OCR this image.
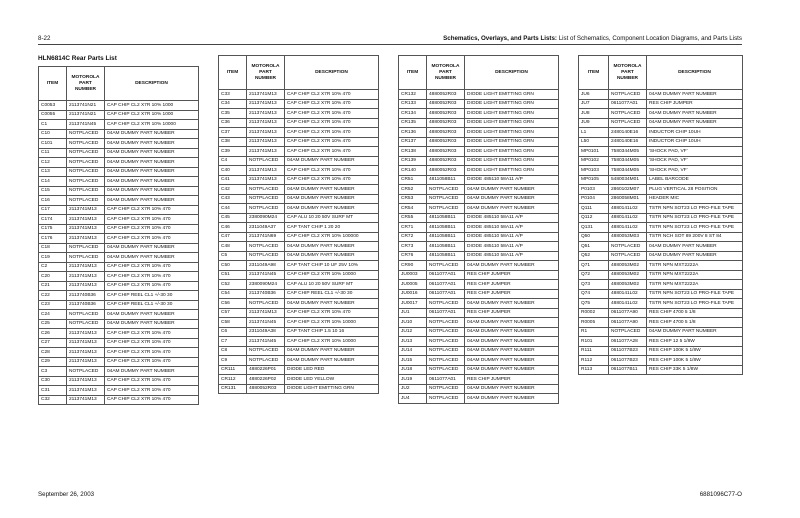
8-22	Schematics, Overlays, and Parts Lists: List of Schematics, Component Location Diagrams, and Parts Lists
HLN6814C Rear Parts List
ITEM	MOTOROLA PART NUMBER	DESCRIPTION
C0053	2113741N21	CAP CHIP CL2 X7R 10% 1000
C0055	2113741N21	CAP CHIP CL2 X7R 10% 1000
C1	2113741N45	CAP CHIP CL2 X7R 10% 10000
C10	NOTPLACED	04AM DUMMY PART NUMBER
C101	NOTPLACED	04AM DUMMY PART NUMBER
C11	NOTPLACED	04AM DUMMY PART NUMBER
C12	NOTPLACED	04AM DUMMY PART NUMBER
C13	NOTPLACED	04AM DUMMY PART NUMBER
C14	NOTPLACED	04AM DUMMY PART NUMBER
C15	NOTPLACED	04AM DUMMY PART NUMBER
C16	NOTPLACED	04AM DUMMY PART NUMBER
C17	2113741M13	CAP CHIP CL2 X7R 10% 470
C174	2113741M13	CAP CHIP CL2 X7R 10% 470
C175	2113741M13	CAP CHIP CL2 X7R 10% 470
C176	2113741M13	CAP CHIP CL2 X7R 10% 470
C18	NOTPLACED	04AM DUMMY PART NUMBER
C19	NOTPLACED	04AM DUMMY PART NUMBER
C2	2113741M13	CAP CHIP CL2 X7R 10% 470
C20	2113741M13	CAP CHIP CL2 X7R 10% 470
C21	2113741M13	CAP CHIP CL2 X7R 10% 470
C22	2113740B36	CAP CHIP REEL CL1 +/-30 30
C23	2113740B36	CAP CHIP REEL CL1 +/-30 30
C24	NOTPLACED	04AM DUMMY PART NUMBER
C25	NOTPLACED	04AM DUMMY PART NUMBER
C26	2113741M13	CAP CHIP CL2 X7R 10% 470
C27	2113741M13	CAP CHIP CL2 X7R 10% 470
C28	2113741M13	CAP CHIP CL2 X7R 10% 470
C29	2113741M13	CAP CHIP CL2 X7R 10% 470
C3	NOTPLACED	04AM DUMMY PART NUMBER
C30	2113741M13	CAP CHIP CL2 X7R 10% 470
C31	2113741M13	CAP CHIP CL2 X7R 10% 470
C32	2113741M13	CAP CHIP CL2 X7R 10% 470
ITEM	MOTOROLA PART NUMBER	DESCRIPTION
C33	2113741M13	CAP CHIP CL2 X7R 10% 470
C34	2113741M13	CAP CHIP CL2 X7R 10% 470
C35	2113741M13	CAP CHIP CL2 X7R 10% 470
C36	2113741M13	CAP CHIP CL2 X7R 10% 470
C37	2113741M13	CAP CHIP CL2 X7R 10% 470
C38	2113741M13	CAP CHIP CL2 X7R 10% 470
C39	2113741M13	CAP CHIP CL2 X7R 10% 470
C4	NOTPLACED	04AM DUMMY PART NUMBER
C40	2113741M13	CAP CHIP CL2 X7R 10% 470
C41	2113741M13	CAP CHIP CL2 X7R 10% 470
C42	NOTPLACED	04AM DUMMY PART NUMBER
C43	NOTPLACED	04AM DUMMY PART NUMBER
C44	NOTPLACED	04AM DUMMY PART NUMBER
C45	2380090M24	CAP ALU 10 20 50V SURF MT
C46	2311049A37	CAP TANT CHIP 1 20 20
C47	2113741N69	CAP CHIP CL2 X7R 10% 100000
C48	NOTPLACED	04AM DUMMY PART NUMBER
C5	NOTPLACED	04AM DUMMY PART NUMBER
C50	2311049A98	CAP TANT CHIP 10 UF 25V 10%
C51	2113741N45	CAP CHIP CL2 X7R 10% 10000
C52	2380090M24	CAP ALU 10 20 50V SURF MT
C54	2113740B36	CAP CHIP REEL CL1 +/-30 30
C56	NOTPLACED	04AM DUMMY PART NUMBER
C57	2113741M13	CAP CHIP CL2 X7R 10% 470
C58	2113741N45	CAP CHIP CL2 X7R 10% 10000
C6	2311049A38	CAP TANT CHIP 1.5 10 16
C7	2113741N45	CAP CHIP CL2 X7R 10% 10000
C8	NOTPLACED	04AM DUMMY PART NUMBER
C9	NOTPLACED	04AM DUMMY PART NUMBER
CR111	4880226P01	DIODE LED RED
CR112	4880226P02	DIODE LED YELLOW
CR131	4880052R03	DIODE LIGHT EMITTING GRN
ITEM	MOTOROLA PART NUMBER	DESCRIPTION
CR132	4880052R03	DIODE LIGHT EMITTING GRN
CR133	4880052R03	DIODE LIGHT EMITTING GRN
CR134	4880052R03	DIODE LIGHT EMITTING GRN
CR135	4880052R03	DIODE LIGHT EMITTING GRN
CR136	4880052R03	DIODE LIGHT EMITTING GRN
CR137	4880052R03	DIODE LIGHT EMITTING GRN
CR138	4880052R03	DIODE LIGHT EMITTING GRN
CR139	4880052R03	DIODE LIGHT EMITTING GRN
CR140	4880052R03	DIODE LIGHT EMITTING GRN
CR51	4811058B11	DIODE 485110 58A11 A/P
CR52	NOTPLACED	04AM DUMMY PART NUMBER
CR53	NOTPLACED	04AM DUMMY PART NUMBER
CR54	NOTPLACED	04AM DUMMY PART NUMBER
CR55	4811058B11	DIODE 485110 58A11 A/P
CR71	4811058B11	DIODE 485110 58A11 A/P
CR72	4811058B11	DIODE 485110 58A11 A/P
CR73	4811058B11	DIODE 485110 58A11 A/P
CR76	4811058B11	DIODE 485110 58A11 A/P
CR90	NOTPLACED	04AM DUMMY PART NUMBER
JU0003	0611077A01	RES CHIP JUMPER
JU0005	0611077A01	RES CHIP JUMPER
JU0016	0611077A01	RES CHIP JUMPER
JU0017	NOTPLACED	04AM DUMMY PART NUMBER
JU1	0611077A01	RES CHIP JUMPER
JU10	NOTPLACED	04AM DUMMY PART NUMBER
JU12	NOTPLACED	04AM DUMMY PART NUMBER
JU13	NOTPLACED	04AM DUMMY PART NUMBER
JU14	NOTPLACED	04AM DUMMY PART NUMBER
JU15	NOTPLACED	04AM DUMMY PART NUMBER
JU18	NOTPLACED	04AM DUMMY PART NUMBER
JU19	0611077A01	RES CHIP JUMPER
JU2	NOTPLACED	04AM DUMMY PART NUMBER
JU4	NOTPLACED	04AM DUMMY PART NUMBER
ITEM	MOTOROLA PART NUMBER	DESCRIPTION
JU6	NOTPLACED	04AM DUMMY PART NUMBER
JU7	0611077A01	RES CHIP JUMPER
JU8	NOTPLACED	04AM DUMMY PART NUMBER
JU9	NOTPLACED	04AM DUMMY PART NUMBER
L1	2480140E16	INDUCTOR CHIP 10UH
L50	2480140E16	INDUCTOR CHIP 10UH
MP0101	7580344M05	'SHOCK PAD, VF'
MP0102	7580344M05	'SHOCK PAD, VF'
MP0103	7580344M05	'SHOCK PAD, VF'
MP0105	5480034M01	LABEL BARCODE
P0103	2860102M07	PLUG VERTICAL 28 POSITION
P0104	2860058M01	HEADER MIC
Q111	4880141L02	TSTR NPN SOT23 LO PRO-FILE TAPE
Q112	4880141L02	TSTR NPN SOT23 LO PRO-FILE TAPE
Q131	4880141L02	TSTR NPN SOT23 LO PRO-FILE TAPE
Q50	4880053M03	TSTR NCH SOT 89 200V 8 ST 84
Q51	NOTPLACED	04AM DUMMY PART NUMBER
Q52	NOTPLACED	04AM DUMMY PART NUMBER
Q71	4880053M02	TSTR NPN MXT2222A
Q72	4880053M02	TSTR NPN MXT2222A
Q73	4880053M02	TSTR NPN MXT2222A
Q74	4880141L02	TSTR NPN SOT23 LO PRO-FILE TAPE
Q75	4880141L02	TSTR NPN SOT23 LO PRO-FILE TAPE
R0002	0611077A90	RES CHIP 4700 5 1/8
R0005	0611077A90	RES CHIP 4700 5 1/8
R1	NOTPLACED	04AM DUMMY PART NUMBER
R101	0611077A28	RES CHIP 12 5 1/8W
R111	0611077B23	RES CHIP 100K 5 1/8W
R112	0611077B23	RES CHIP 100K 5 1/8W
R113	0611077B11	RES CHIP 33K 5 1/8W
September 26, 2003	6881096C77-O
